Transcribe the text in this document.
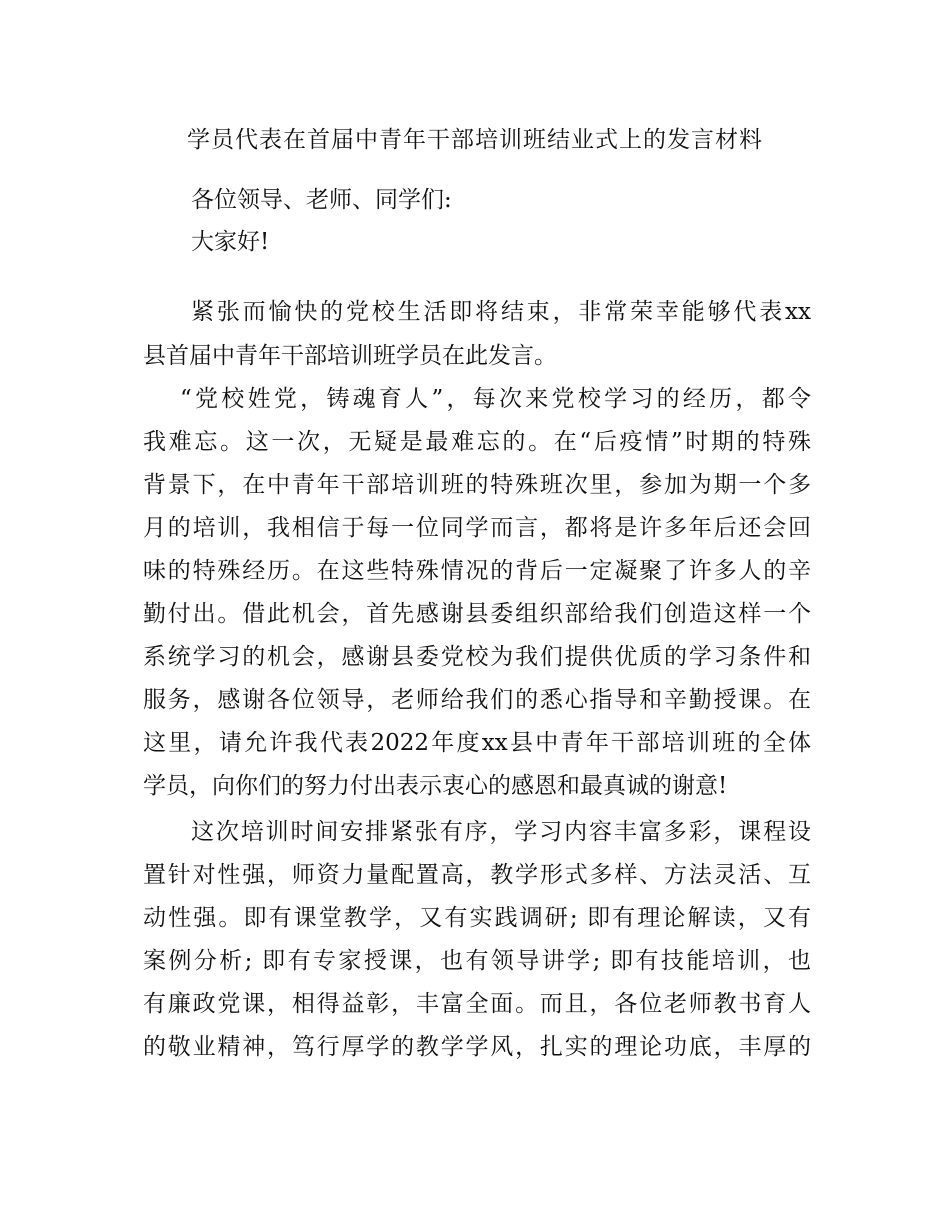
学员代表在首届中青年干部培训班结业式上的发言材料

各位领导、老师、同学们:

大家好!

紧张而愉快的党校生活即将结束，非常荣幸能够代表xx

县首届中青年干部培训班学员在此发言。

“党校姓党，铸魂育人”，每次来党校学习的经历，都令

我难忘。这一次，无疑是最难忘的。在“后疫情”时期的特殊

背景下，在中青年干部培训班的特殊班次里，参加为期一个多

月的培训，我相信于每一位同学而言，都将是许多年后还会回

味的特殊经历。在这些特殊情况的背后一定凝聚了许多人的辛

勤付出。借此机会，首先感谢县委组织部给我们创造这样一个

系统学习的机会，感谢县委党校为我们提供优质的学习条件和

服务，感谢各位领导，老师给我们的悉心指导和辛勤授课。在

这里，请允许我代表2022年度xx县中青年干部培训班的全体

学员，向你们的努力付出表示衷心的感恩和最真诚的谢意!

这次培训时间安排紧张有序，学习内容丰富多彩，课程设

置针对性强，师资力量配置高，教学形式多样、方法灵活、互

动性强。即有课堂教学，又有实践调研; 即有理论解读，又有

案例分析; 即有专家授课，也有领导讲学; 即有技能培训，也

有廉政党课，相得益彰，丰富全面。而且，各位老师教书育人

的敬业精神，笃行厚学的教学学风，扎实的理论功底，丰厚的
